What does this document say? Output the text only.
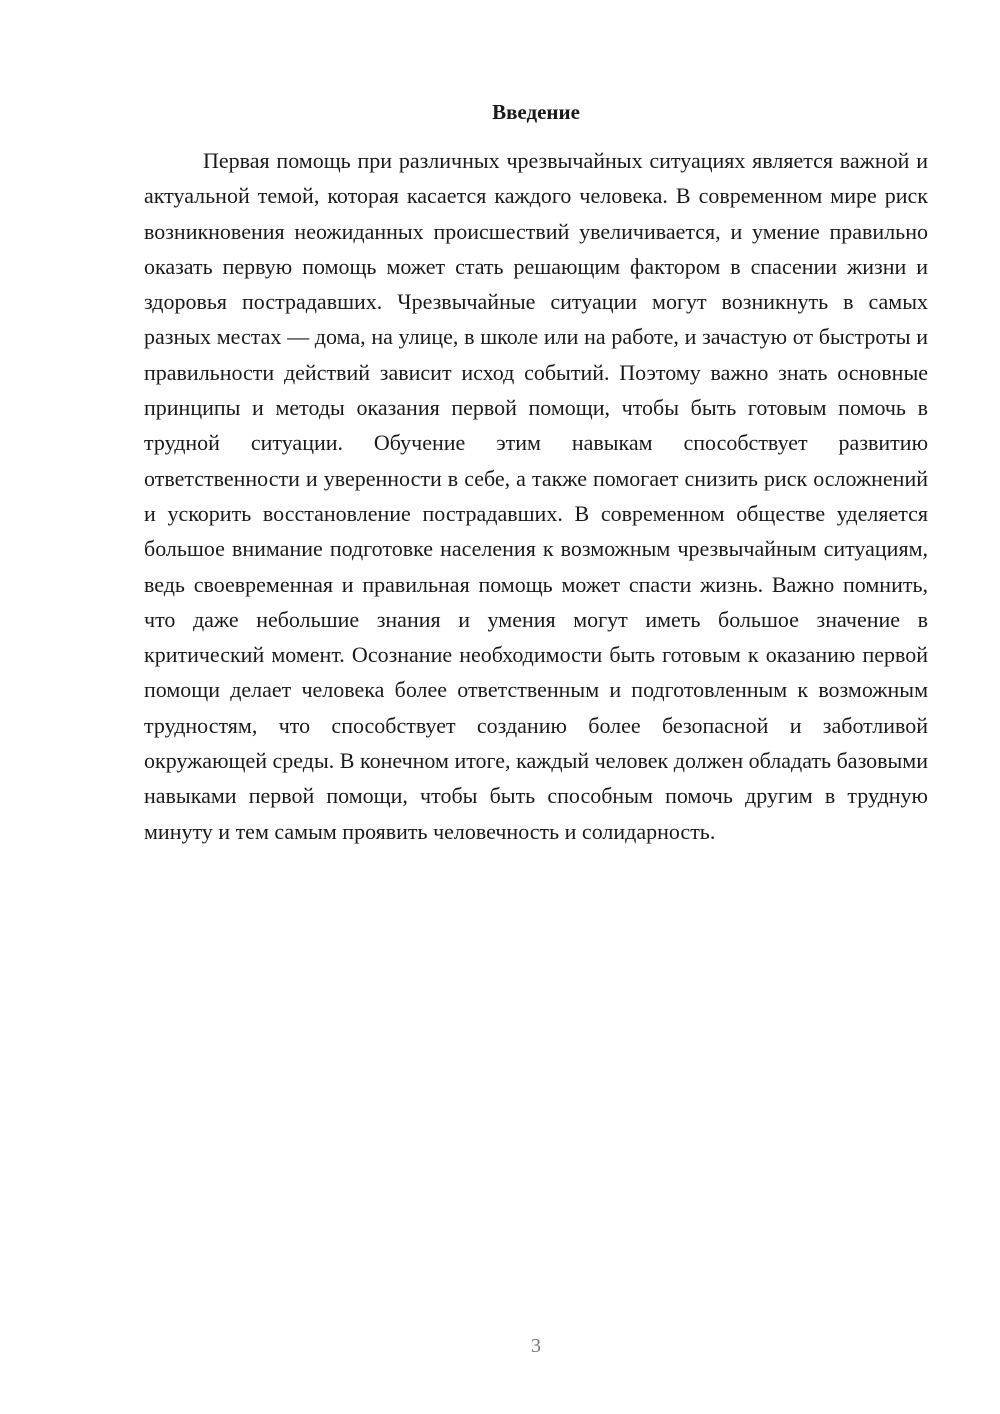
Введение

Первая помощь при различных чрезвычайных ситуациях является важной и актуальной темой, которая касается каждого человека. В современном мире риск возникновения неожиданных происшествий увеличивается, и умение правильно оказать первую помощь может стать решающим фактором в спасении жизни и здоровья пострадавших. Чрезвычайные ситуации могут возникнуть в самых разных местах — дома, на улице, в школе или на работе, и зачастую от быстроты и правильности действий зависит исход событий. Поэтому важно знать основные принципы и методы оказания первой помощи, чтобы быть готовым помочь в трудной ситуации. Обучение этим навыкам способствует развитию ответственности и уверенности в себе, а также помогает снизить риск осложнений и ускорить восстановление пострадавших. В современном обществе уделяется большое внимание подготовке населения к возможным чрезвычайным ситуациям, ведь своевременная и правильная помощь может спасти жизнь. Важно помнить, что даже небольшие знания и умения могут иметь большое значение в критический момент. Осознание необходимости быть готовым к оказанию первой помощи делает человека более ответственным и подготовленным к возможным трудностям, что способствует созданию более безопасной и заботливой окружающей среды. В конечном итоге, каждый человек должен обладать базовыми навыками первой помощи, чтобы быть способным помочь другим в трудную минуту и тем самым проявить человечность и солидарность.

3
